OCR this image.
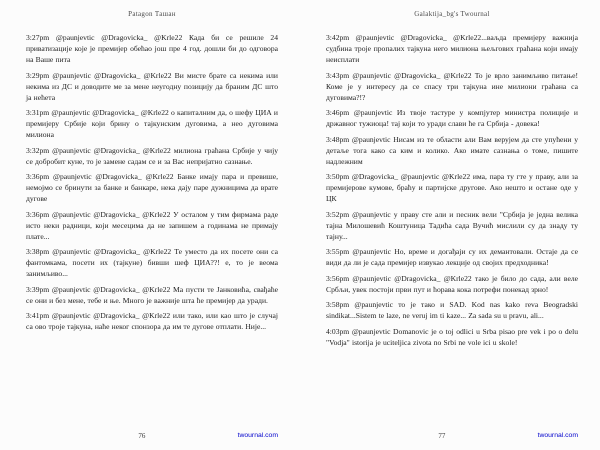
Patagon Ташан

3:27pm @paunjevtic @Dragovicka_ @Krle22 Када би се решиле 24 приватизације које је премијер обећао још пре 4 год. дошли би до одговора на Ваше пита

3:29pm @paunjevtic @Dragovicka_ @Krle22 Ви мисте брате са некима или некима из ДС и доводите ме за мене неугодну позицију да браним ДС што ја нећета

3:31pm @paunjevtic @Dragovicka_ @Krle22 о капиталним да, о шефу ЦИА и премијеру Србије који брину о тајкунским дуговима, а нео дуговима милиона

3:32pm @paunjevtic @Dragovicka_ @Krle22 милиона граћана Србије у чију се добробит куне, то је замене садам се и за Вас непријатно сазнање.

3:36pm @paunjevtic @Dragovicka_ @Krle22 Банке имају пара и превише, немојмо се бринути за банке и банкаре, нека дају паре дужницима да врате дугове

3:36pm @paunjevtic @Dragovicka_ @Krle22 У осталом у тим фирмама раде исто неки радници, који месецима да не запишем а годинама не примају плате...

3:38pm @paunjevtic @Dragovicka_ @Krle22 Те уместо да их посете они са фантомкама, посети их (тајкуне) бивши шеф ЦИА??! е, то је веома занимљиво...

3:39pm @paunjevtic @Dragovicka_ @Krle22 Ма пусти те Јанковића, свађаће се они и без мене, тебе и ње. Много је важније шта ће премијер да уради.

3:41pm @paunjevtic @Dragovicka_ @Krle22 или тако, или као што је случај са ово троје тајкуна, наће неког спонзора да им те дугове отплати. Није...

76	twournal.com
Galaktija_bg's Twournal

3:42pm @paunjevtic @Dragovicka_ @Krle22...ваљда премијеру важнија судбина троје пропалих тајкуна него милиона њељгових граћана који имају неисплати

3:43pm @paunjevtic @Dragovicka_ @Krle22 То је врло занимљиво питање! Коме је у интересу да се спасу три тајкуна ине милиони граћана са дуговима?!?

3:46pm @paunjevtic Из твоје тастуре у компјутер министра полиције и државног тужиоца! тај који то уради слави ће га Србија - довека!

3:48pm @paunjevtic Нисам из те области али Вам верујем да сте упућени у детаље тога како са ким и колико. Ако имате сазнања о томе, пишите надлежним

3:50pm @Dragovicka_ @paunjevtic @Krle22 има, пара ту гте у праву, али за премијерове кумове, браћу и партијске другове. Ако нешто и остане оде у ЦК

3:52pm @paunjevtic у праву сте али и песник вели "Србија је једна велика тајна Милошевић Коштуница Тадића сада Вучић мислили су да знаду ту тајну...

3:55pm @paunjevtic Но, време и догађаји су их демантовали. Остаје да се види да ли је сада премијер извукао лекције од својих предходника!

3:56pm @paunjevtic @Dragovicka_ @Krle22 тако је било до сада, али веле Србљи, увек постоји први пут и ћорава кока потрефи понекад зрно!

3:58pm @paunjevtic то је тако и SAD. Kod nas kako reva Beogradski sindikat...Sistem te laze, ne veruj im ti kaze... Za sada su u pravu, ali...

4:03pm @paunjevtic Domanovic je o toj odlici u Srba pisao pre vek i po o delu "Vodja" istorija je uciteljica zivota no Srbi ne vole ici u skole!

77	twournal.com
